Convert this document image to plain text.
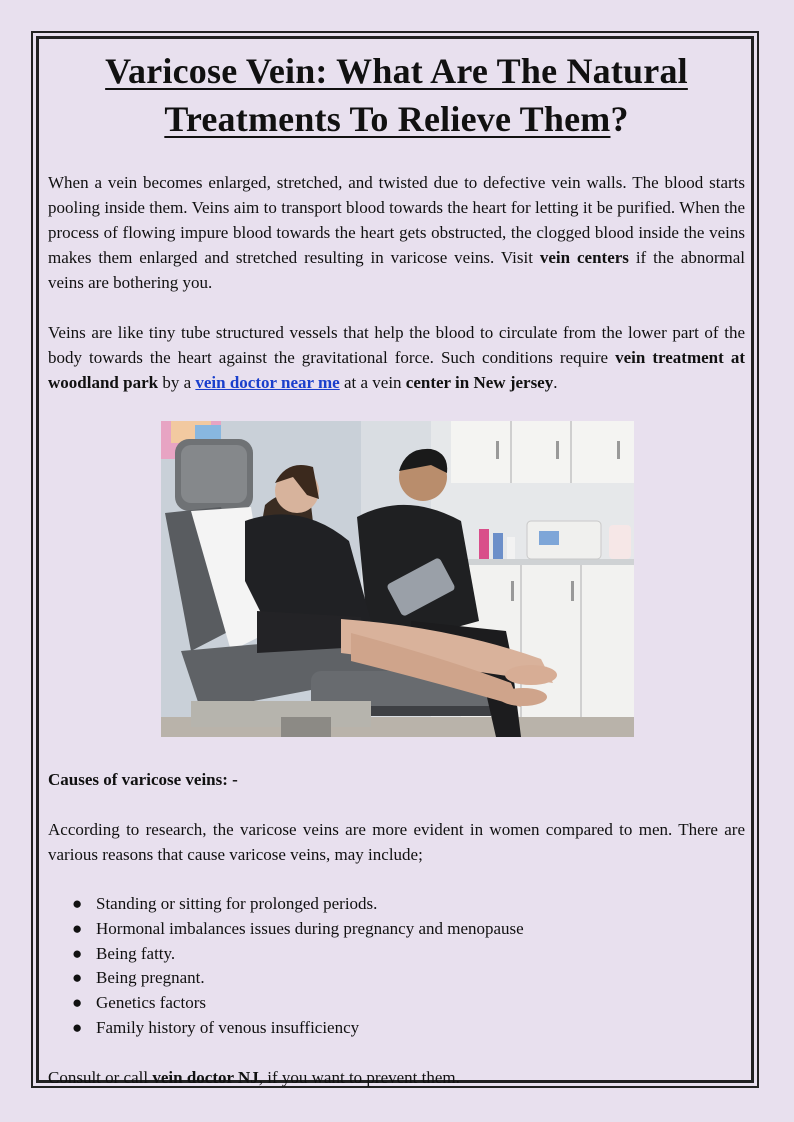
Varicose Vein: What Are The Natural
Treatments To Relieve Them?

When a vein becomes enlarged, stretched, and twisted due to defective vein walls. The blood starts pooling inside them. Veins aim to transport blood towards the heart for letting it be purified. When the process of flowing impure blood towards the heart gets obstructed, the clogged blood inside the veins makes them enlarged and stretched resulting in varicose veins. Visit vein centers if the abnormal veins are bothering you.

Veins are like tiny tube structured vessels that help the blood to circulate from the lower part of the body towards the heart against the gravitational force. Such conditions require vein treatment at woodland park by a vein doctor near me at a vein center in New jersey.

Causes of varicose veins: -

According to research, the varicose veins are more evident in women compared to men. There are various reasons that cause varicose veins, may include;

● Standing or sitting for prolonged periods.
● Hormonal imbalances issues during pregnancy and menopause
● Being fatty.
● Being pregnant.
● Genetics factors
● Family history of venous insufficiency

Consult or call vein doctor NJ, if you want to prevent them.
